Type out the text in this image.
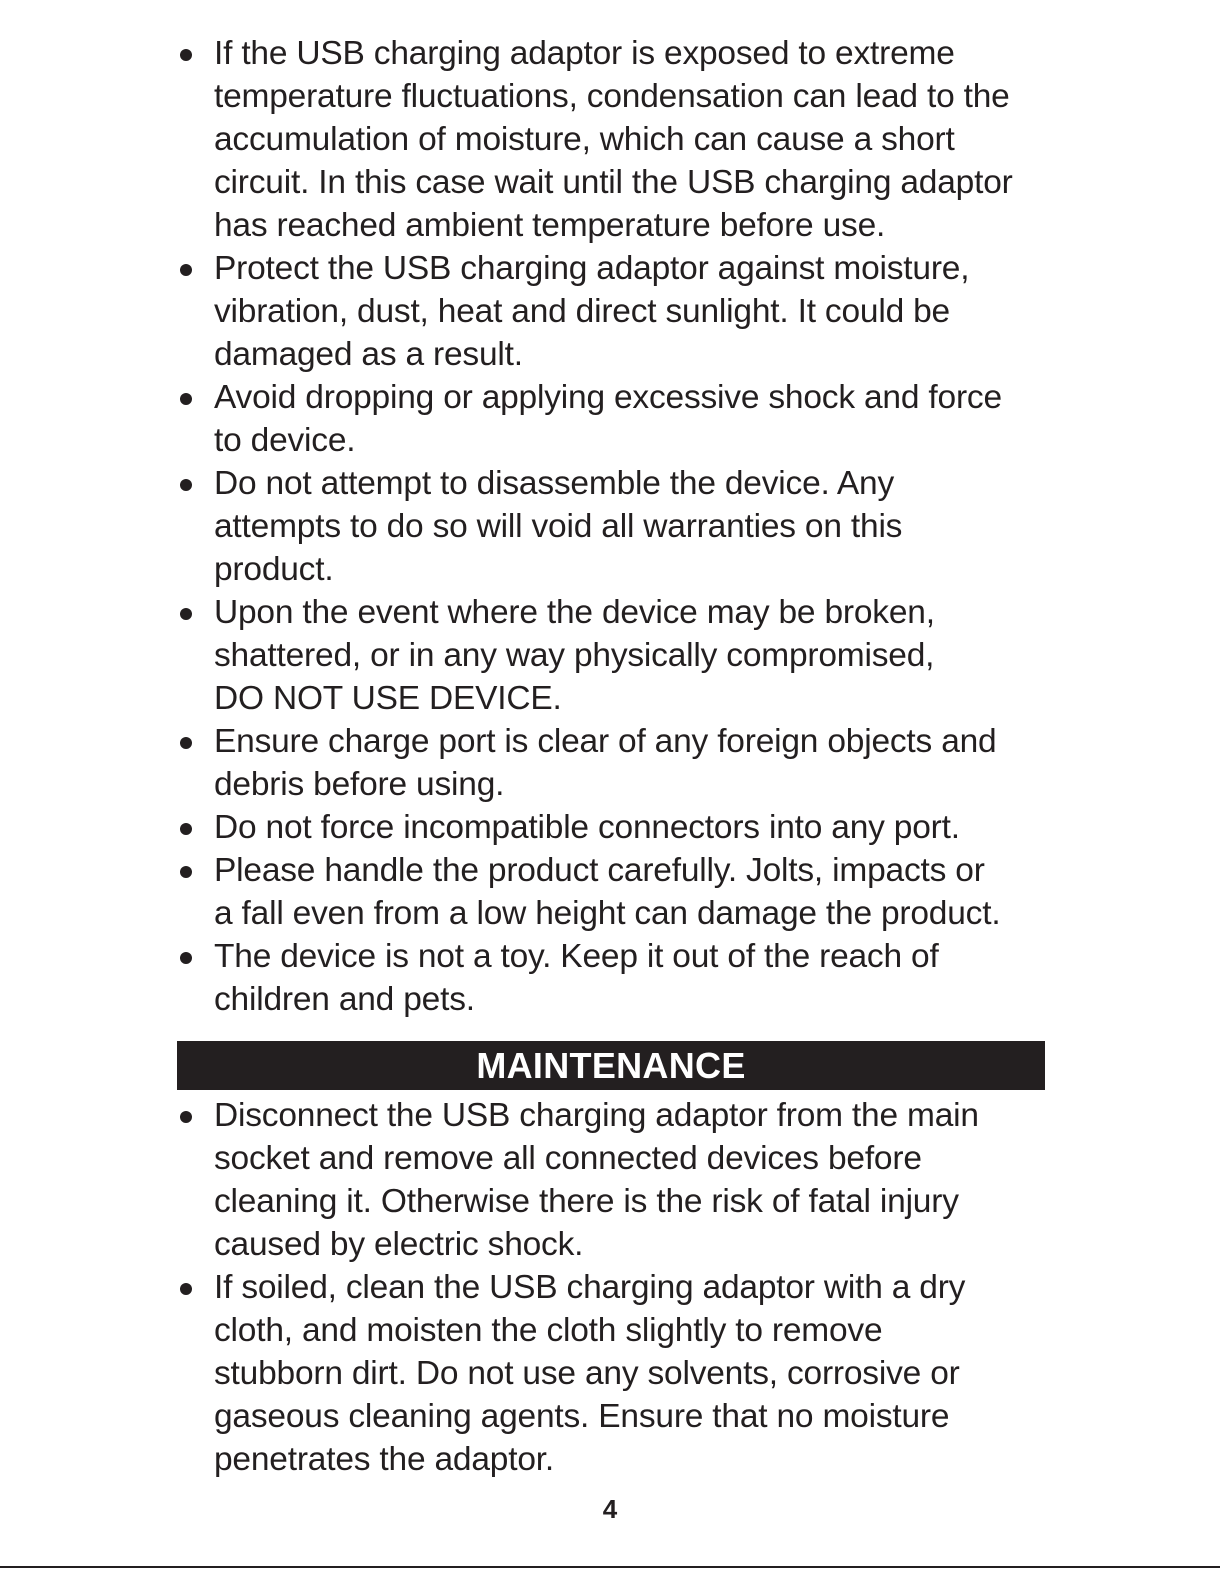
If the USB charging adaptor is exposed to extreme
temperature fluctuations, condensation can lead to the
accumulation of moisture, which can cause a short
circuit. In this case wait until the USB charging adaptor
has reached ambient temperature before use.
Protect the USB charging adaptor against moisture,
vibration, dust, heat and direct sunlight. It could be
damaged as a result.
Avoid dropping or applying excessive shock and force
to device.
Do not attempt to disassemble the device. Any
attempts to do so will void all warranties on this
product.
Upon the event where the device may be broken,
shattered, or in any way physically compromised,
DO NOT USE DEVICE.
Ensure charge port is clear of any foreign objects and
debris before using.
Do not force incompatible connectors into any port.
Please handle the product carefully. Jolts, impacts or
a fall even from a low height can damage the product.
The device is not a toy. Keep it out of the reach of
children and pets.
MAINTENANCE
Disconnect the USB charging adaptor from the main
socket and remove all connected devices before
cleaning it. Otherwise there is the risk of fatal injury
caused by electric shock.
If soiled, clean the USB charging adaptor with a dry
cloth, and moisten the cloth slightly to remove
stubborn dirt. Do not use any solvents, corrosive or
gaseous cleaning agents. Ensure that no moisture
penetrates the adaptor.
4
